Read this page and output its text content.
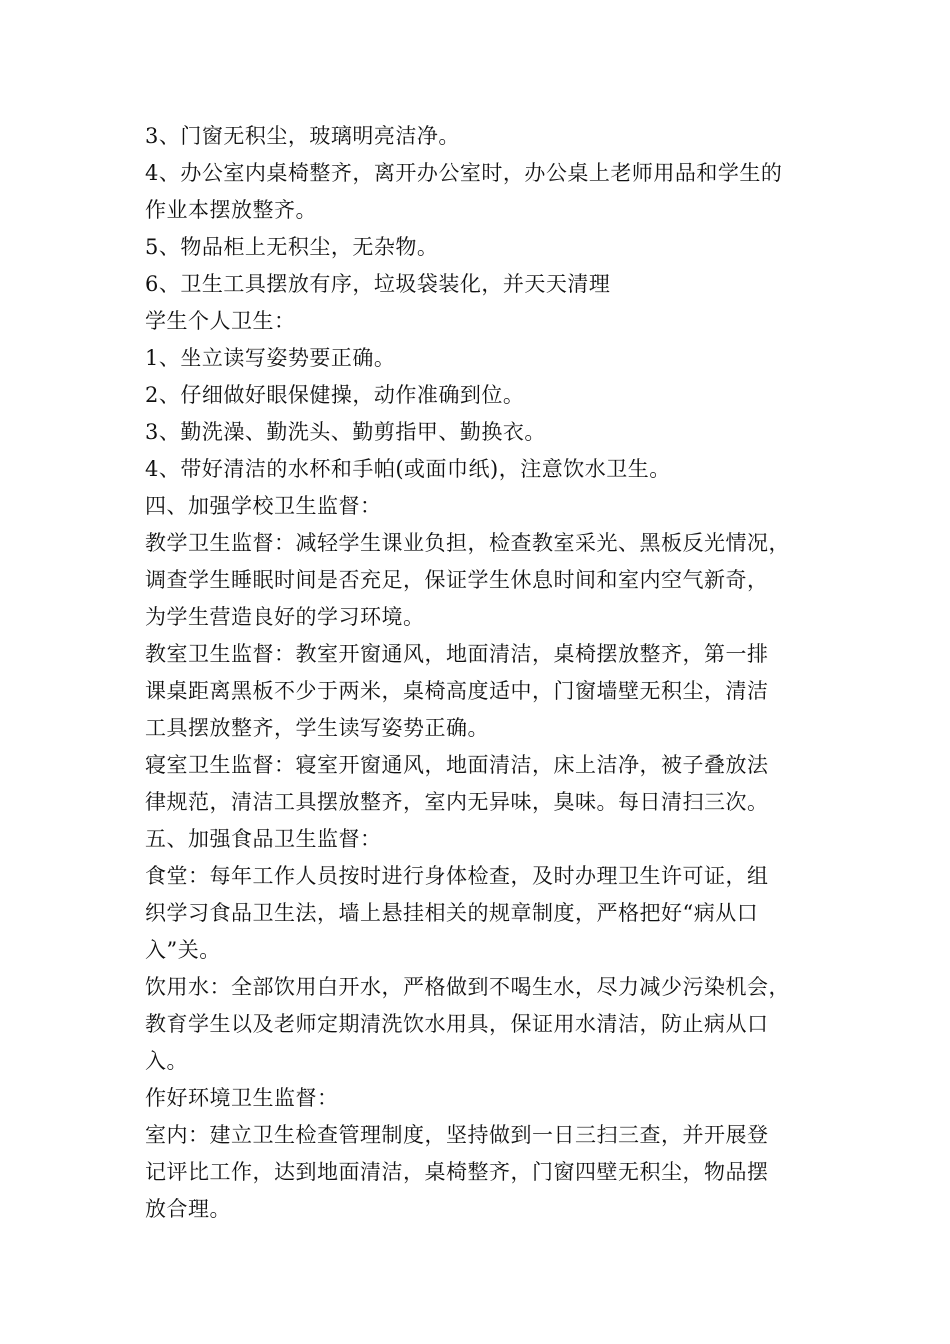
3、门窗无积尘，玻璃明亮洁净。

4、办公室内桌椅整齐，离开办公室时，办公桌上老师用品和学生的

作业本摆放整齐。

5、物品柜上无积尘，无杂物。

6、卫生工具摆放有序，垃圾袋装化，并天天清理

学生个人卫生：

1、坐立读写姿势要正确。

2、仔细做好眼保健操，动作准确到位。

3、勤洗澡、勤洗头、勤剪指甲、勤换衣。

4、带好清洁的水杯和手帕(或面巾纸)，注意饮水卫生。

四、加强学校卫生监督：

教学卫生监督：减轻学生课业负担，检查教室采光、黑板反光情况，

调查学生睡眠时间是否充足，保证学生休息时间和室内空气新奇，

为学生营造良好的学习环境。

教室卫生监督：教室开窗通风，地面清洁，桌椅摆放整齐，第一排

课桌距离黑板不少于两米，桌椅高度适中，门窗墙壁无积尘，清洁

工具摆放整齐，学生读写姿势正确。

寝室卫生监督：寝室开窗通风，地面清洁，床上洁净，被子叠放法

律规范，清洁工具摆放整齐，室内无异味，臭味。每日清扫三次。

五、加强食品卫生监督：

食堂：每年工作人员按时进行身体检查，及时办理卫生许可证，组

织学习食品卫生法，墙上悬挂相关的规章制度，严格把好“病从口

入”关。

饮用水：全部饮用白开水，严格做到不喝生水，尽力减少污染机会，

教育学生以及老师定期清洗饮水用具，保证用水清洁，防止病从口

入。

作好环境卫生监督：

室内：建立卫生检查管理制度，坚持做到一日三扫三查，并开展登

记评比工作，达到地面清洁，桌椅整齐，门窗四壁无积尘，物品摆

放合理。
